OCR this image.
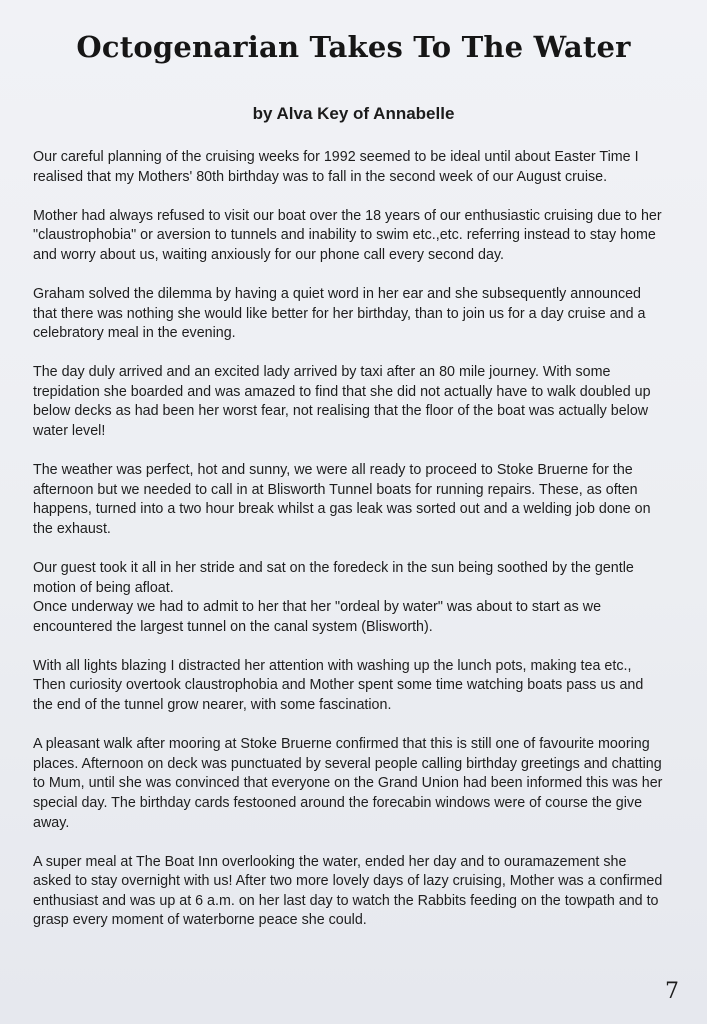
Octogenarian Takes To The Water
by Alva Key of Annabelle

Our careful planning of the cruising weeks for 1992 seemed to be ideal until about Easter Time I realised that my Mothers' 80th birthday was to fall in the second week of our August cruise.

Mother had always refused to visit our boat over the 18 years of our enthusiastic cruising due to her "claustrophobia" or aversion to tunnels and inability to swim etc.,etc. referring instead to stay home and worry about us, waiting anxiously for our phone call every second day.

Graham solved the dilemma by having a quiet word in her ear and she subsequently announced that there was nothing she would like better for her birthday, than to join us for a day cruise and a celebratory meal in the evening.

The day duly arrived and an excited lady arrived by taxi after an 80 mile journey. With some trepidation she boarded and was amazed to find that she did not actually have to walk doubled up below decks as had been her worst fear, not realising that the floor of the boat was actually below water level!

The weather was perfect, hot and sunny, we were all ready to proceed to Stoke Bruerne for the afternoon but we needed to call in at Blisworth Tunnel boats for running repairs. These, as often happens, turned into a two hour break whilst a gas leak was sorted out and a welding job done on the exhaust.

Our guest took it all in her stride and sat on the foredeck in the sun being soothed by the gentle motion of being afloat.

Once underway we had to admit to her that her "ordeal by water" was about to start as we encountered the largest tunnel on the canal system (Blisworth).

With all lights blazing I distracted her attention with washing up the lunch pots, making tea etc., Then curiosity overtook claustrophobia and Mother spent some time watching boats pass us and the end of the tunnel grow nearer, with some fascination.

A pleasant walk after mooring at Stoke Bruerne confirmed that this is still one of favourite mooring places. Afternoon on deck was punctuated by several people calling birthday greetings and chatting to Mum, until she was convinced that everyone on the Grand Union had been informed this was her special day. The birthday cards festooned around the forecabin windows were of course the give away.

A super meal at The Boat Inn overlooking the water, ended her day and to ouramazement she asked to stay overnight with us! After two more lovely days of lazy cruising, Mother was a confirmed enthusiast and was up at 6 a.m. on her last day to watch the Rabbits feeding on the towpath and to grasp every moment of waterborne peace she could.

7
